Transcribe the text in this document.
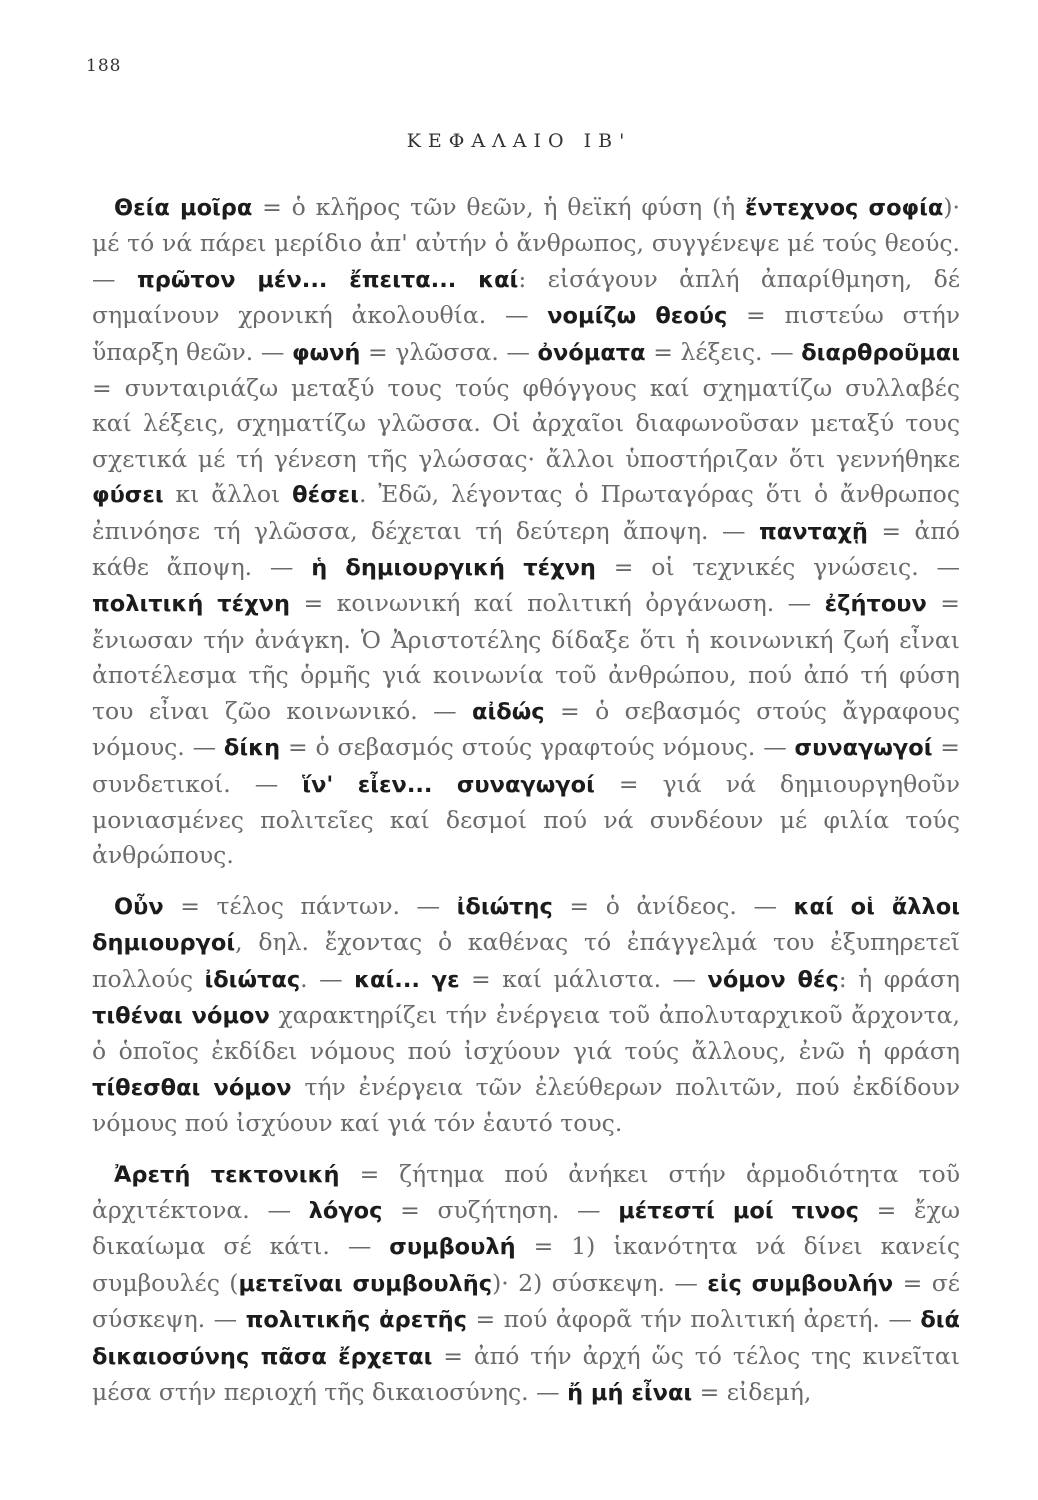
188
ΚΕΦΑΛΑΙΟ ΙΒ'

Θεία μοῖρα = ὁ κλῆρος τῶν θεῶν, ἡ θεϊκή φύση (ἡ ἔντεχνος σοφία)· μέ τό νά πάρει μερίδιο ἀπ' αὐτήν ὁ ἄνθρωπος, συγγένεψε μέ τούς θεούς. — πρῶτον μέν... ἔπειτα... καί: εἰσάγουν ἁπλή ἀπαρίθμηση, δέ σημαίνουν χρονική ἀκολουθία. — νομίζω θεούς = πιστεύω στήν ὕπαρξη θεῶν. — φωνή = γλῶσσα. — ὀνόματα = λέξεις. — διαρθροῦμαι = συνταιριάζω μεταξύ τους τούς φθόγγους καί σχηματίζω συλλαβές καί λέξεις, σχηματίζω γλῶσσα. Οἱ ἀρχαῖοι διαφωνοῦσαν μεταξύ τους σχετικά μέ τή γένεση τῆς γλώσσας· ἄλλοι ὑποστήριζαν ὅτι γεννήθηκε φύσει κι ἄλλοι θέσει. Ἐδῶ, λέγοντας ὁ Πρωταγόρας ὅτι ὁ ἄνθρωπος ἐπινόησε τή γλῶσσα, δέχεται τή δεύτερη ἄποψη. — πανταχῇ = ἀπό κάθε ἄποψη. — ἡ δημιουργική τέχνη = οἱ τεχνικές γνώσεις. — πολιτική τέχνη = κοινωνική καί πολιτική ὀργάνωση. — ἐζήτουν = ἔνιωσαν τήν ἀνάγκη. Ὁ Ἀριστοτέλης δίδαξε ὅτι ἡ κοινωνική ζωή εἶναι ἀποτέλεσμα τῆς ὁρμῆς γιά κοινωνία τοῦ ἀνθρώπου, πού ἀπό τή φύση του εἶναι ζῶο κοινωνικό. — αἰδώς = ὁ σεβασμός στούς ἄγραφους νόμους. — δίκη = ὁ σεβασμός στούς γραφτούς νόμους. — συναγωγοί = συνδετικοί. — ἵν' εἶεν... συναγωγοί = γιά νά δημιουργηθοῦν μονιασμένες πολιτεῖες καί δεσμοί πού νά συνδέουν μέ φιλία τούς ἀνθρώπους.

Οὖν = τέλος πάντων. — ἰδιώτης = ὁ ἀνίδεος. — καί οἱ ἄλλοι δημιουργοί, δηλ. ἔχοντας ὁ καθένας τό ἐπάγγελμά του ἐξυπηρετεῖ πολλούς ἰδιώτας. — καί... γε = καί μάλιστα. — νόμον θές: ἡ φράση τιθέναι νόμον χαρακτηρίζει τήν ἐνέργεια τοῦ ἀπολυταρχικοῦ ἄρχοντα, ὁ ὁποῖος ἐκδίδει νόμους πού ἰσχύουν γιά τούς ἄλλους, ἐνῶ ἡ φράση τίθεσθαι νόμον τήν ἐνέργεια τῶν ἐλεύθερων πολιτῶν, πού ἐκδίδουν νόμους πού ἰσχύουν καί γιά τόν ἑαυτό τους.

Ἀρετή τεκτονική = ζήτημα πού ἀνήκει στήν ἁρμοδιότητα τοῦ ἀρχιτέκτονα. — λόγος = συζήτηση. — μέτεστί μοί τινος = ἔχω δικαίωμα σέ κάτι. — συμβουλή = 1) ἱκανότητα νά δίνει κανείς συμβουλές (μετεῖναι συμβουλῆς)· 2) σύσκεψη. — εἰς συμβουλήν = σέ σύσκεψη. — πολιτικῆς ἀρετῆς = πού ἀφορᾶ τήν πολιτική ἀρετή. — διά δικαιοσύνης πᾶσα ἔρχεται = ἀπό τήν ἀρχή ὥς τό τέλος της κινεῖται μέσα στήν περιοχή τῆς δικαιοσύνης. — ἤ μή εἶναι = εἰδεμή,
